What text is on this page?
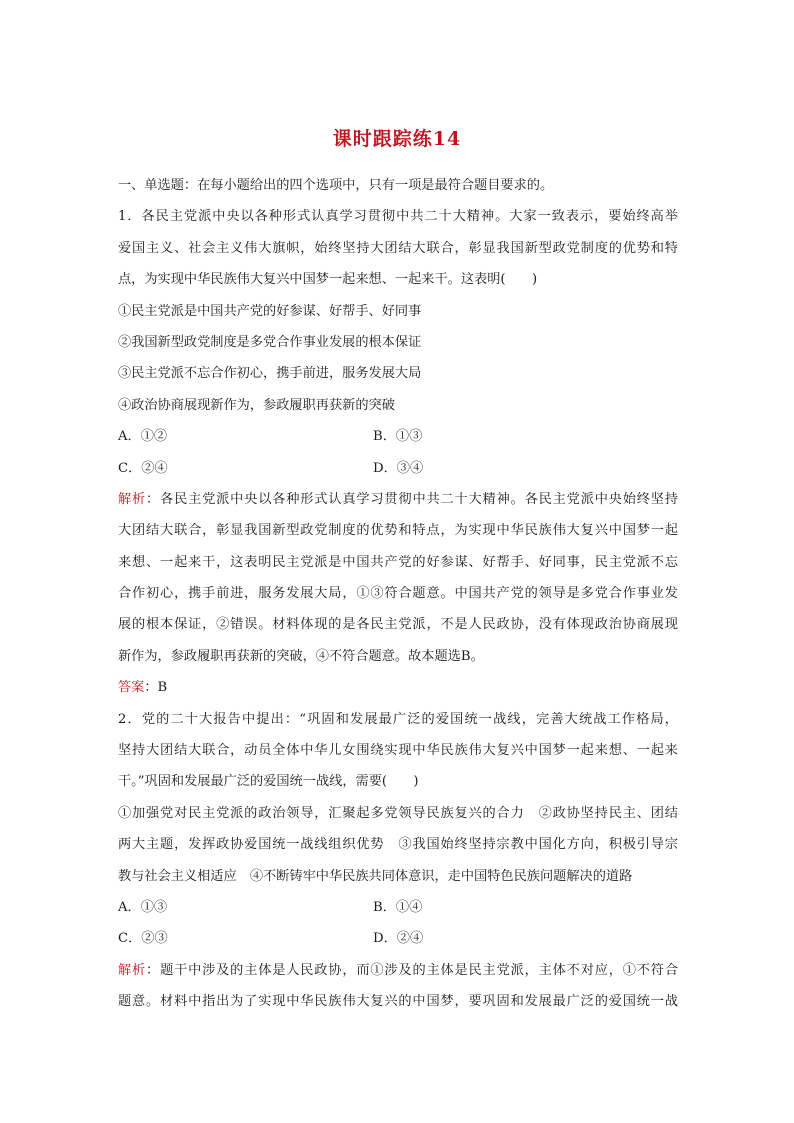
课时跟踪练14
一、单选题：在每小题给出的四个选项中，只有一项是最符合题目要求的。
1．各民主党派中央以各种形式认真学习贯彻中共二十大精神。大家一致表示，要始终高举
爱国主义、社会主义伟大旗帜，始终坚持大团结大联合，彰显我国新型政党制度的优势和特
点，为实现中华民族伟大复兴中国梦一起来想、一起来干。这表明(　　)
①民主党派是中国共产党的好参谋、好帮手、好同事
②我国新型政党制度是多党合作事业发展的根本保证
③民主党派不忘合作初心，携手前进，服务发展大局
④政治协商展现新作为，参政履职再获新的突破
A．①②	B．①③
C．②④	D．③④
解析：各民主党派中央以各种形式认真学习贯彻中共二十大精神。各民主党派中央始终坚持
大团结大联合，彰显我国新型政党制度的优势和特点，为实现中华民族伟大复兴中国梦一起
来想、一起来干，这表明民主党派是中国共产党的好参谋、好帮手、好同事，民主党派不忘
合作初心，携手前进，服务发展大局，①③符合题意。中国共产党的领导是多党合作事业发
展的根本保证，②错误。材料体现的是各民主党派，不是人民政协，没有体现政治协商展现
新作为，参政履职再获新的突破，④不符合题意。故本题选B。
答案：B
2．党的二十大报告中提出：“巩固和发展最广泛的爱国统一战线，完善大统战工作格局，
坚持大团结大联合，动员全体中华儿女围绕实现中华民族伟大复兴中国梦一起来想、一起来
干。”巩固和发展最广泛的爱国统一战线，需要(　　)
①加强党对民主党派的政治领导，汇聚起多党领导民族复兴的合力　②政协坚持民主、团结
两大主题，发挥政协爱国统一战线组织优势　③我国始终坚持宗教中国化方向，积极引导宗
教与社会主义相适应　④不断铸牢中华民族共同体意识，走中国特色民族问题解决的道路
A．①③	B．①④
C．②③	D．②④
解析：题干中涉及的主体是人民政协，而①涉及的主体是民主党派，主体不对应，①不符合
题意。材料中指出为了实现中华民族伟大复兴的中国梦，要巩固和发展最广泛的爱国统一战
